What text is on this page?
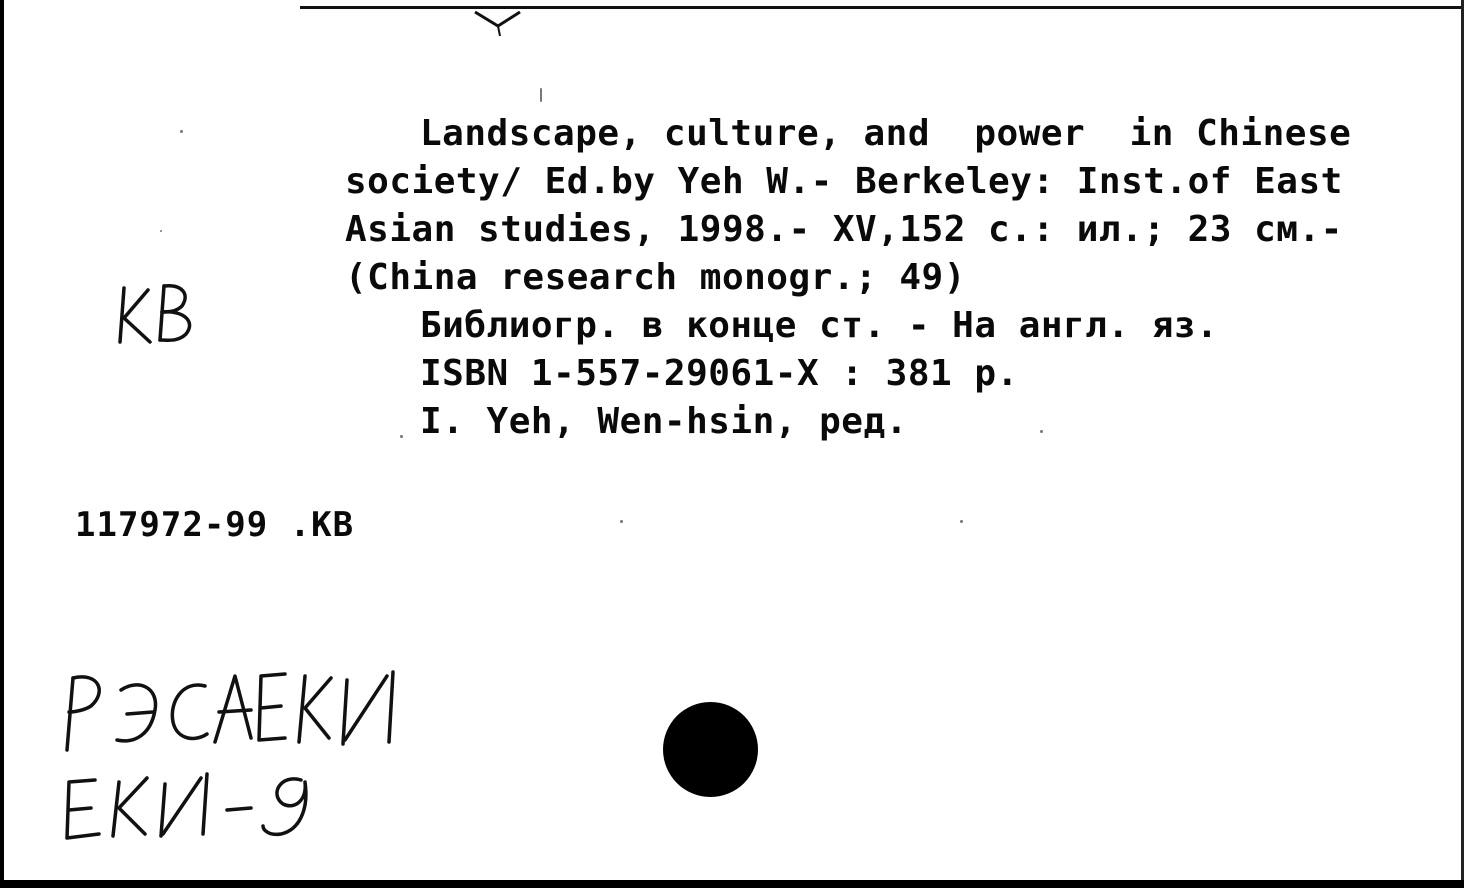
Landscape, culture, and  power  in Chinese
society/ Ed.by Yeh W.- Berkeley: Inst.of East
Asian studies, 1998.- XV,152 c.: ил.; 23 см.-
(China research monogr.; 49)
Библиогр. в конце ст. - На англ. яз.
ISBN 1-557-29061-X : 381 p.
I. Yeh, Wen-hsin, ред.
117972-99 .KB
